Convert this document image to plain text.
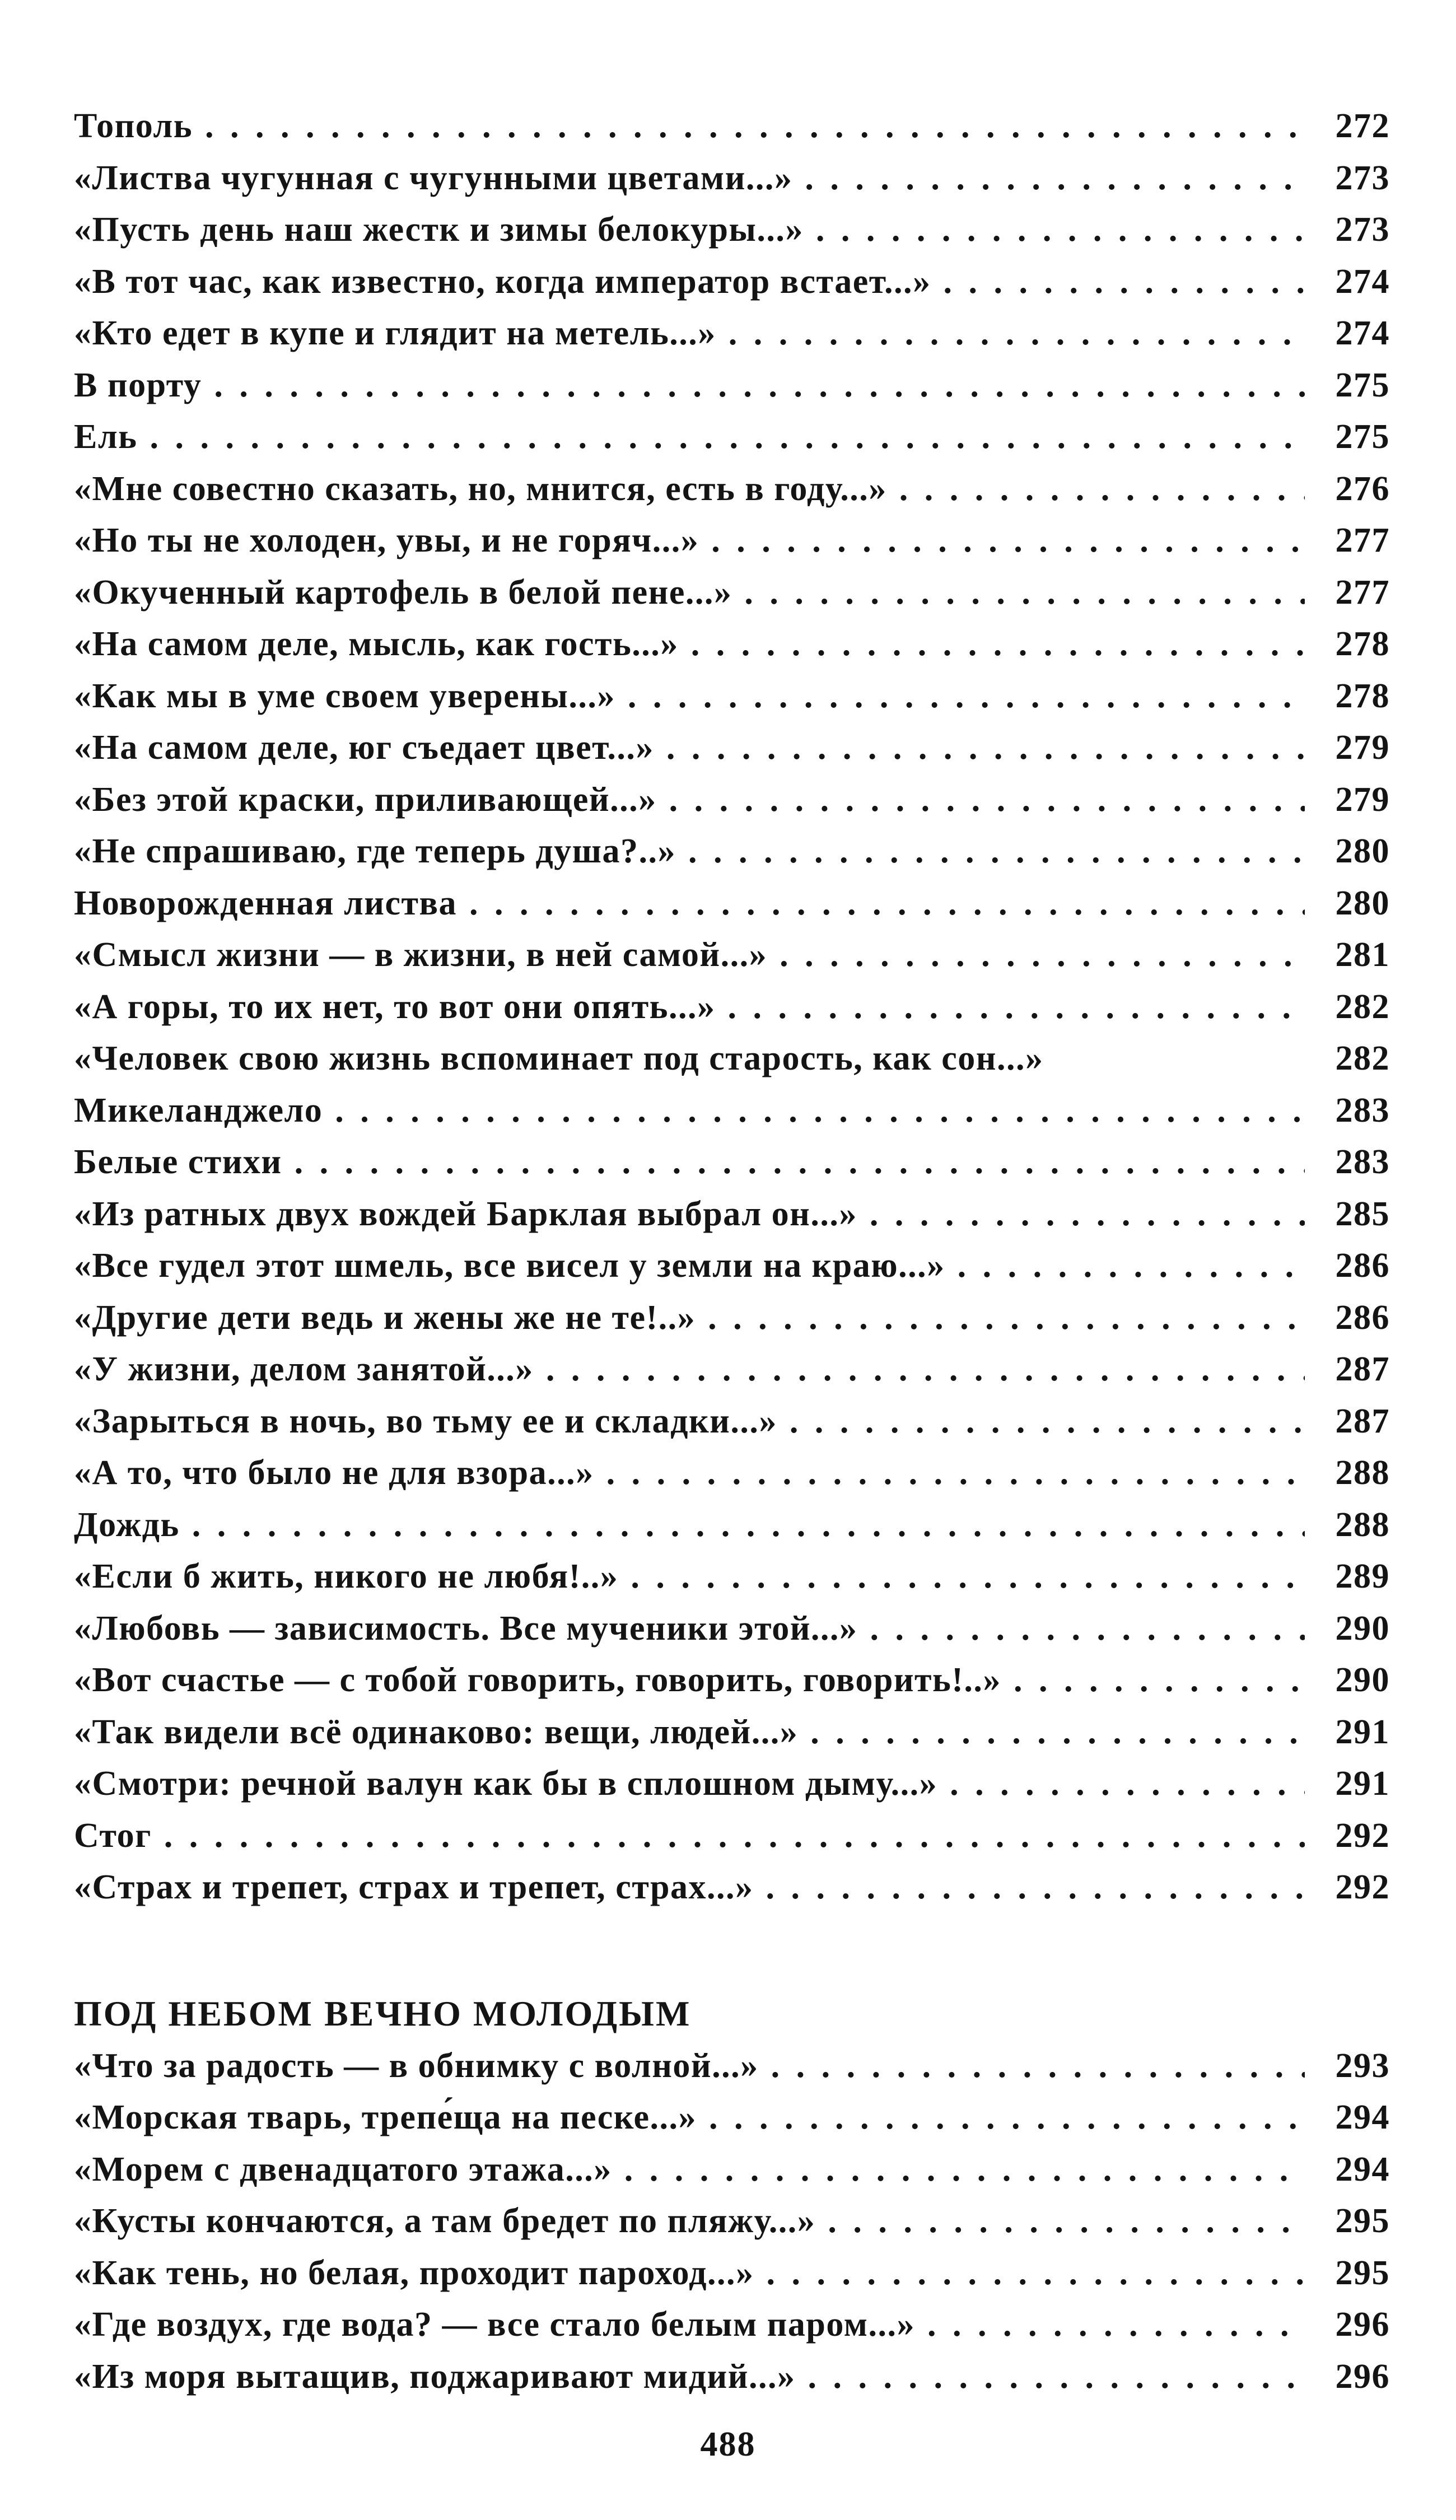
Тополь . . .	272
«Листва чугунная с чугунными цветами...» . . .	273
«Пусть день наш жестк и зимы белокуры...» . . .	273
«В тот час, как известно, когда император встает...» . . .	274
«Кто едет в купе и глядит на метель...» . . .	274
В порту . . .	275
Ель . . .	275
«Мне совестно сказать, но, мнится, есть в году...» . . .	276
«Но ты не холоден, увы, и не горяч...» . . .	277
«Окученный картофель в белой пене...» . . .	277
«На самом деле, мысль, как гость...» . . .	278
«Как мы в уме своем уверены...» . . .	278
«На самом деле, юг съедает цвет...» . . .	279
«Без этой краски, приливающей...» . . .	279
«Не спрашиваю, где теперь душа?..» . . .	280
Новорожденная листва . . .	280
«Смысл жизни — в жизни, в ней самой...» . . .	281
«А горы, то их нет, то вот они опять...» . . .	282
«Человек свою жизнь вспоминает под старость, как сон...»	282
Микеланджело . . .	283
Белые стихи . . .	283
«Из ратных двух вождей Барклая выбрал он...» . . .	285
«Все гудел этот шмель, все висел у земли на краю...» . . .	286
«Другие дети ведь и жены же не те!..» . . .	286
«У жизни, делом занятой...» . . .	287
«Зарыться в ночь, во тьму ее и складки...» . . .	287
«А то, что было не для взора...» . . .	288
Дождь . . .	288
«Если б жить, никого не любя!..» . . .	289
«Любовь — зависимость. Все мученики этой...» . . .	290
«Вот счастье — с тобой говорить, говорить, говорить!..» . . .	290
«Так видели всё одинаково: вещи, людей...» . . .	291
«Смотри: речной валун как бы в сплошном дыму...» . . .	291
Стог . . .	292
«Страх и трепет, страх и трепет, страх...» . . .	292
ПОД НЕБОМ ВЕЧНО МОЛОДЫМ
«Что за радость — в обнимку с волной...» . . .	293
«Морская тварь, трепе́ща на песке...» . . .	294
«Морем с двенадцатого этажа...» . . .	294
«Кусты кончаются, а там бредет по пляжу...» . . .	295
«Как тень, но белая, проходит пароход...» . . .	295
«Где воздух, где вода? — все стало белым паром...» . . .	296
«Из моря вытащив, поджаривают мидий...» . . .	296
488
